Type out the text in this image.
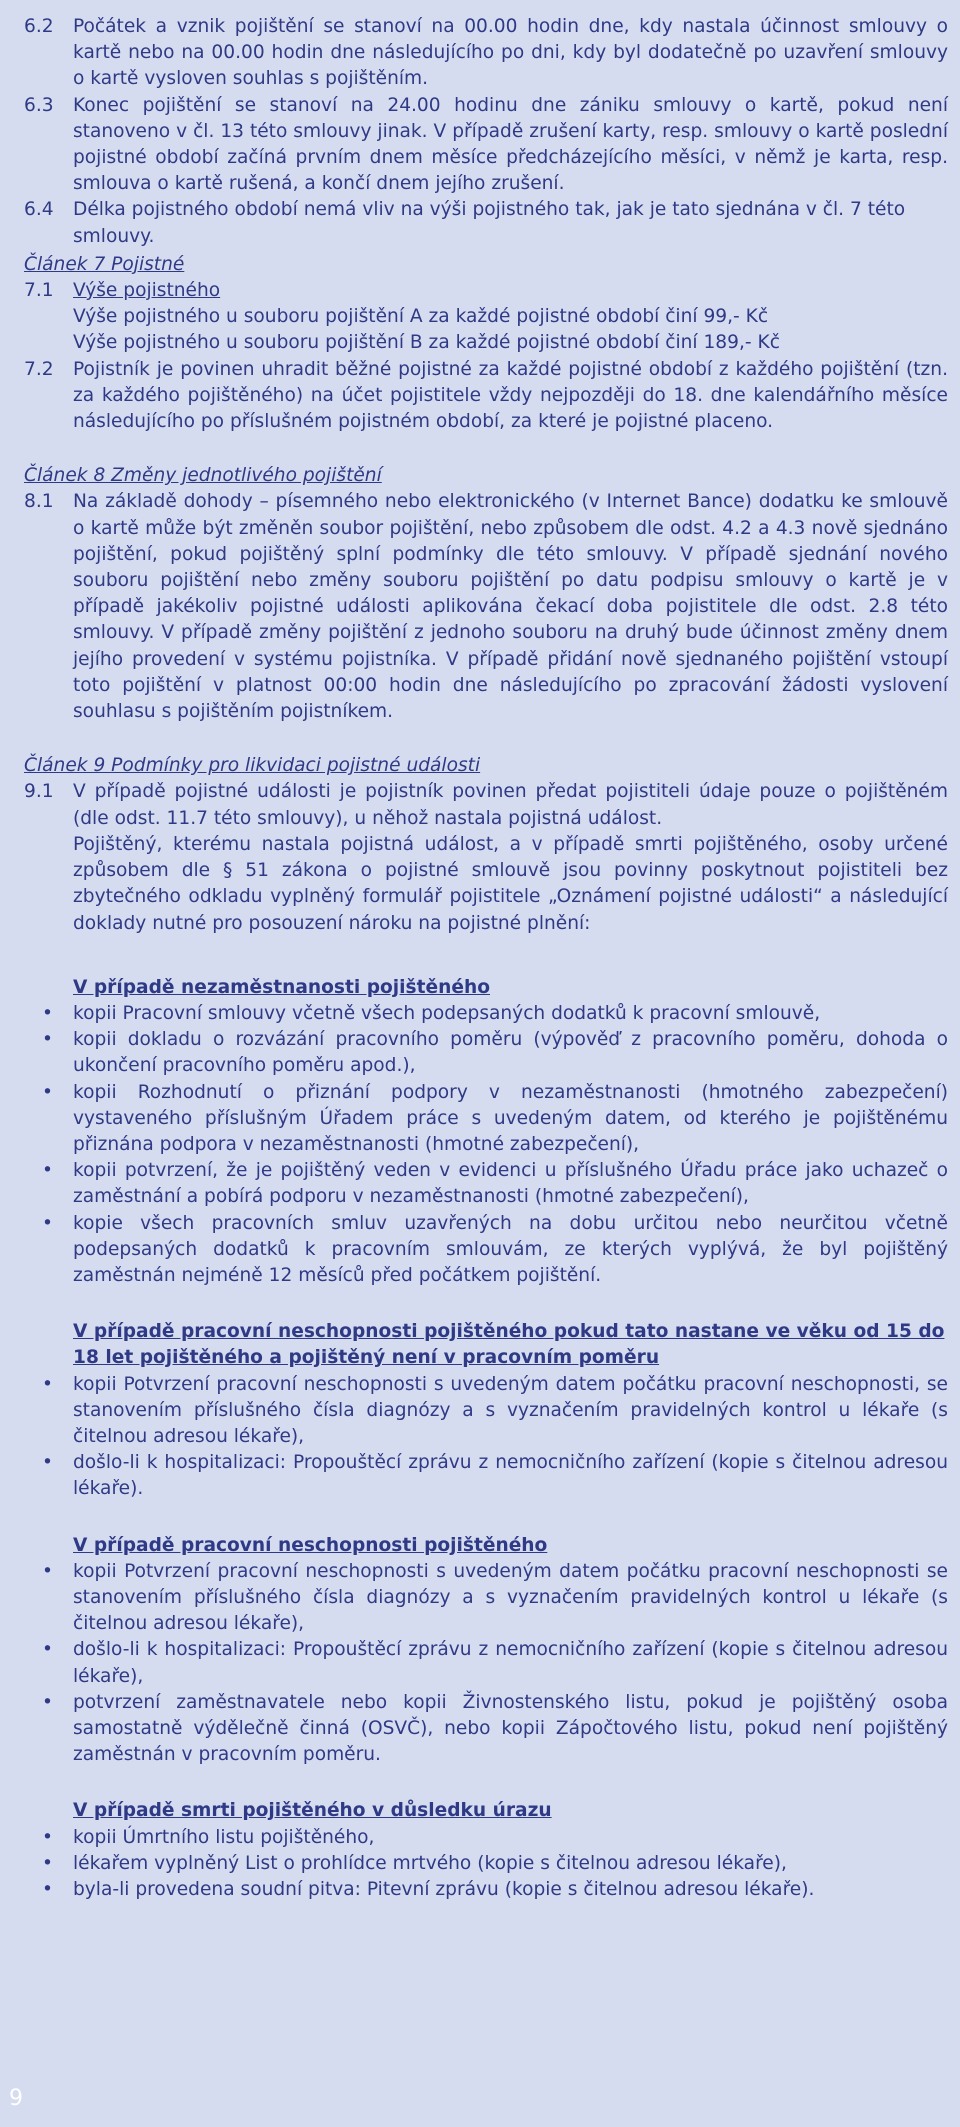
6.2	Počátek a vznik pojištění se stanoví na 00.00 hodin dne, kdy nastala účinnost smlouvy o kartě nebo na 00.00 hodin dne následujícího po dni, kdy byl dodatečně po uzavření smlouvy o kartě vysloven souhlas s pojištěním.
6.3	Konec pojištění se stanoví na 24.00 hodinu dne zániku smlouvy o kartě, pokud není stanoveno v čl. 13 této smlouvy jinak. V případě zrušení karty, resp. smlouvy o kartě poslední pojistné období začíná prvním dnem měsíce předcházejícího měsíci, v němž je karta, resp. smlouva o kartě rušená, a končí dnem jejího zrušení.
6.4	Délka pojistného období nemá vliv na výši pojistného tak, jak je tato sjednána v čl. 7 této smlouvy.
Článek 7 Pojistné
7.1	Výše pojistného
Výše pojistného u souboru pojištění A za každé pojistné období činí 99,- Kč
Výše pojistného u souboru pojištění B za každé pojistné období činí 189,- Kč
7.2	Pojistník je povinen uhradit běžné pojistné za každé pojistné období z každého pojištění (tzn. za každého pojištěného) na účet pojistitele vždy nejpozději do 18. dne kalendářního měsíce následujícího po příslušném pojistném období, za které je pojistné placeno.
Článek 8 Změny jednotlivého pojištění
8.1	Na základě dohody – písemného nebo elektronického (v Internet Bance) dodatku ke smlouvě o kartě může být změněn soubor pojištění, nebo způsobem dle odst. 4.2 a 4.3 nově sjednáno pojištění, pokud pojištěný splní podmínky dle této smlouvy. V případě sjednání nového souboru pojištění nebo změny souboru pojištění po datu podpisu smlouvy o kartě je v případě jakékoliv pojistné události aplikována čekací doba pojistitele dle odst. 2.8 této smlouvy. V případě změny pojištění z jednoho souboru na druhý bude účinnost změny dnem jejího provedení v systému pojistníka. V případě přidání nově sjednaného pojištění vstoupí toto pojištění v platnost 00:00 hodin dne následujícího po zpracování žádosti vyslovení souhlasu s pojištěním pojistníkem.
Článek 9 Podmínky pro likvidaci pojistné události
9.1	V případě pojistné události je pojistník povinen předat pojistiteli údaje pouze o pojištěném (dle odst. 11.7 této smlouvy), u něhož nastala pojistná událost.
Pojištěný, kterému nastala pojistná událost, a v případě smrti pojištěného, osoby určené způsobem dle § 51 zákona o pojistné smlouvě jsou povinny poskytnout pojistiteli bez zbytečného odkladu vyplněný formulář pojistitele „Oznámení pojistné události“ a následující doklady nutné pro posouzení nároku na pojistné plnění:
V případě nezaměstnanosti pojištěného
•	kopii Pracovní smlouvy včetně všech podepsaných dodatků k pracovní smlouvě,
•	kopii dokladu o rozvázání pracovního poměru (výpověď z pracovního poměru, dohoda o ukončení pracovního poměru apod.),
•	kopii Rozhodnutí o přiznání podpory v nezaměstnanosti (hmotného zabezpečení) vystaveného příslušným Úřadem práce s uvedeným datem, od kterého je pojištěnému přiznána podpora v nezaměstnanosti (hmotné zabezpečení),
•	kopii potvrzení, že je pojištěný veden v evidenci u příslušného Úřadu práce jako uchazeč o zaměstnání a pobírá podporu v nezaměstnanosti (hmotné zabezpečení),
•	kopie všech pracovních smluv uzavřených na dobu určitou nebo neurčitou včetně podepsaných dodatků k pracovním smlouvám, ze kterých vyplývá, že byl pojištěný zaměstnán nejméně 12 měsíců před počátkem pojištění.
V případě pracovní neschopnosti pojištěného pokud tato nastane ve věku od 15 do 18 let pojištěného a pojištěný není v pracovním poměru
•	kopii Potvrzení pracovní neschopnosti s uvedeným datem počátku pracovní neschopnosti, se stanovením příslušného čísla diagnózy a s vyznačením pravidelných kontrol u lékaře (s čitelnou adresou lékaře),
•	došlo-li k hospitalizaci: Propouštěcí zprávu z nemocničního zařízení (kopie s čitelnou adresou lékaře).
V případě pracovní neschopnosti pojištěného
•	kopii Potvrzení pracovní neschopnosti s uvedeným datem počátku pracovní neschopnosti se stanovením příslušného čísla diagnózy a s vyznačením pravidelných kontrol u lékaře (s čitelnou adresou lékaře),
•	došlo-li k hospitalizaci: Propouštěcí zprávu z nemocničního zařízení (kopie s čitelnou adresou lékaře),
•	potvrzení zaměstnavatele nebo kopii Živnostenského listu, pokud je pojištěný osoba samostatně výdělečně činná (OSVČ), nebo kopii Zápočtového listu, pokud není pojištěný zaměstnán v pracovním poměru.
V případě smrti pojištěného v důsledku úrazu
•	kopii Úmrtního listu pojištěného,
•	lékařem vyplněný List o prohlídce mrtvého (kopie s čitelnou adresou lékaře),
•	byla-li provedena soudní pitva: Pitevní zprávu (kopie s čitelnou adresou lékaře).
9
